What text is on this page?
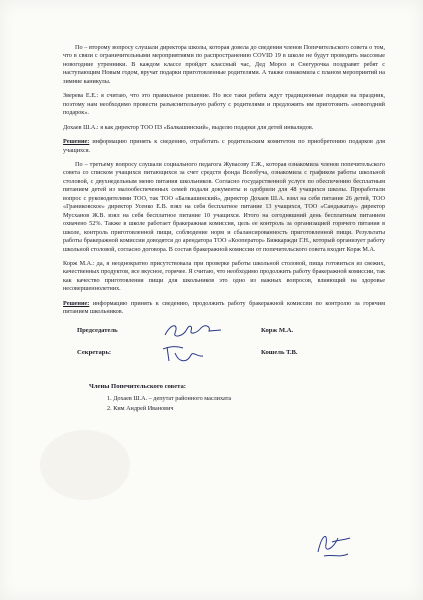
По – второму вопросу слушали директора школы, которая довела до сведения членов Попечительского совета о том, что в связи с ограничительными мероприятиями по распространению COVID 19 в школе не будут проводить массовые новогодние утренники. В каждом классе пройдет классный час, Дед Мороз и Снегурочка поздравят ребят с наступающим Новым годом, вручат подарки приготовленные родителями. А также ознакомила с планом мероприятий на зимние каникулы.

Зверева Е.Е.: я считаю, что это правильное решение. Но все таки ребята ждут традиционные подарки на праздник, поэтому нам необходимо провести разъяснительную работу с родителями и предложить им приготовить «новогодний подарок».

Дохаев Ш.А.: я как директор ТОО ПЗ «Балкашинский», выделю подарки для детей инвалидов.

Решение: информацию принять к сведению, отработать с родительским комитетом по приобретению подарков для учащихся.

По – третьему вопросу слушали социального педагога Жувасову Г.Ж., которая ознакомила членов попечительского совета со списком учащихся питающихся за счет средств фонда Всеобуча, ознакомила с графиком работы школьной столовой, с двухнедельным меню питания школьников. Согласно государственной услуге по обеспечению бесплатным питанием детей из малообеспеченных семей подали документы и одобрили для 48 учащихся школы. Проработали вопрос с руководителями ТОО, так ТОО «Балкашинский», директор Дохаев Ш.А. взял на себя питание 26 детей, ТОО «Граниковское» директор Усенко Е.В. взял на себя бесплатное питание 13 учащихся, ТОО «Сандыкатау» директор Мусханов Ж.В. взял на себя бесплатное питание 10 учащихся. Итого на сегодняшний день бесплатным питанием охвачено 52%. Также в школе работает бракеражная комиссия, цель ее контроль за организацией горячего питания в школе, контроль приготовленной пищи, соблюдение норм и сбалансированность приготовленной пищи. Результаты работы бракеражной комиссии доводятся до арендатора ТОО «Кооператор» Бижкаржди Г.Н., который организует работу школьной столовой, согласно договора. В состав бракеражной комиссии от попечительского совета входит Корж М.А.

Корж М.А.: да, я неоднократно присутствовала при проверке работы школьной столовой, пища готовиться из свежих, качественных продуктов, все вкусное, горячее. Я считаю, что необходимо продолжить работу бракеражной комиссии, так как качество приготовления пищи для школьников это одно из важных вопросов, влияющий на здоровье несовершеннолетних.

Решение: информацию принять к сведению, продолжить работу бракеражной комиссии по контролю за горячим питанием школьников.

Председатель	Корж М.А.
Секретарь:	Кошель Т.В.
Члены Попечительского совета:
1. Дохаев Ш.А. – депутат районного маслихата
2. Ким Андрей Иванович
